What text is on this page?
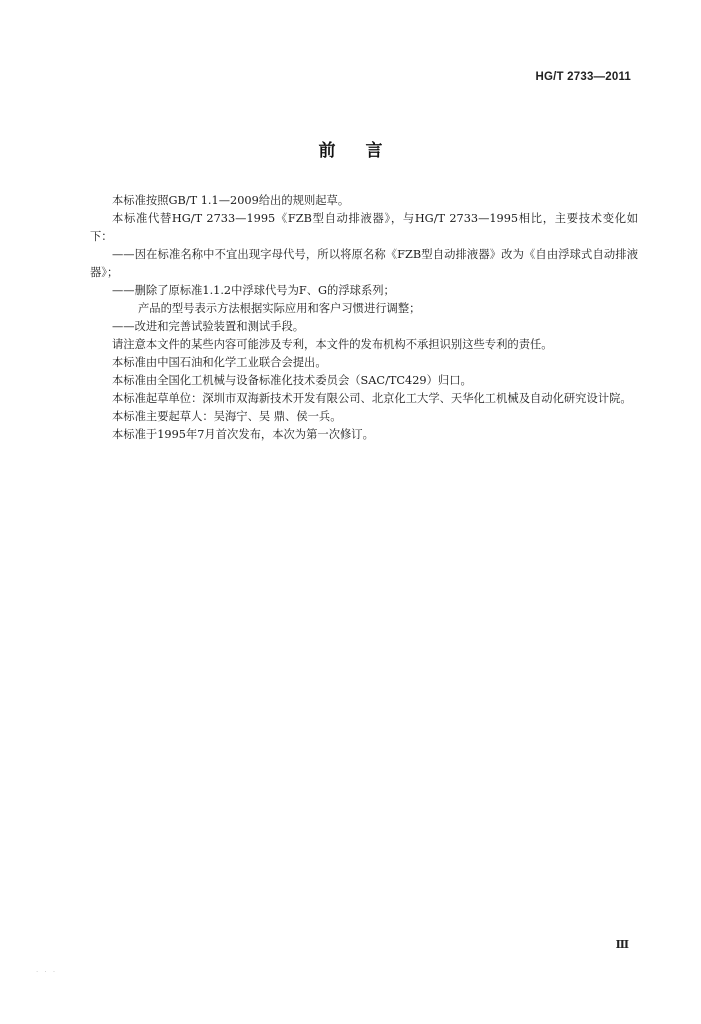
HG/T 2733—2011
前言

本标准按照GB/T 1.1—2009给出的规则起草。

本标准代替HG/T 2733—1995《FZB型自动排液器》，与HG/T 2733—1995相比，主要技术变化如下：

——因在标准名称中不宜出现字母代号，所以将原名称《FZB型自动排液器》改为《自由浮球式自动排液器》；

——删除了原标准1.1.2中浮球代号为F、G的浮球系列；

产品的型号表示方法根据实际应用和客户习惯进行调整；

——改进和完善试验装置和测试手段。

请注意本文件的某些内容可能涉及专利，本文件的发布机构不承担识别这些专利的责任。

本标准由中国石油和化学工业联合会提出。

本标准由全国化工机械与设备标准化技术委员会（SAC/TC429）归口。

本标准起草单位：深圳市双海新技术开发有限公司、北京化工大学、天华化工机械及自动化研究设计院。

本标准主要起草人：吴海宁、吴 鼎、侯一兵。

本标准于1995年7月首次发布，本次为第一次修订。

Ⅲ
· · ·
